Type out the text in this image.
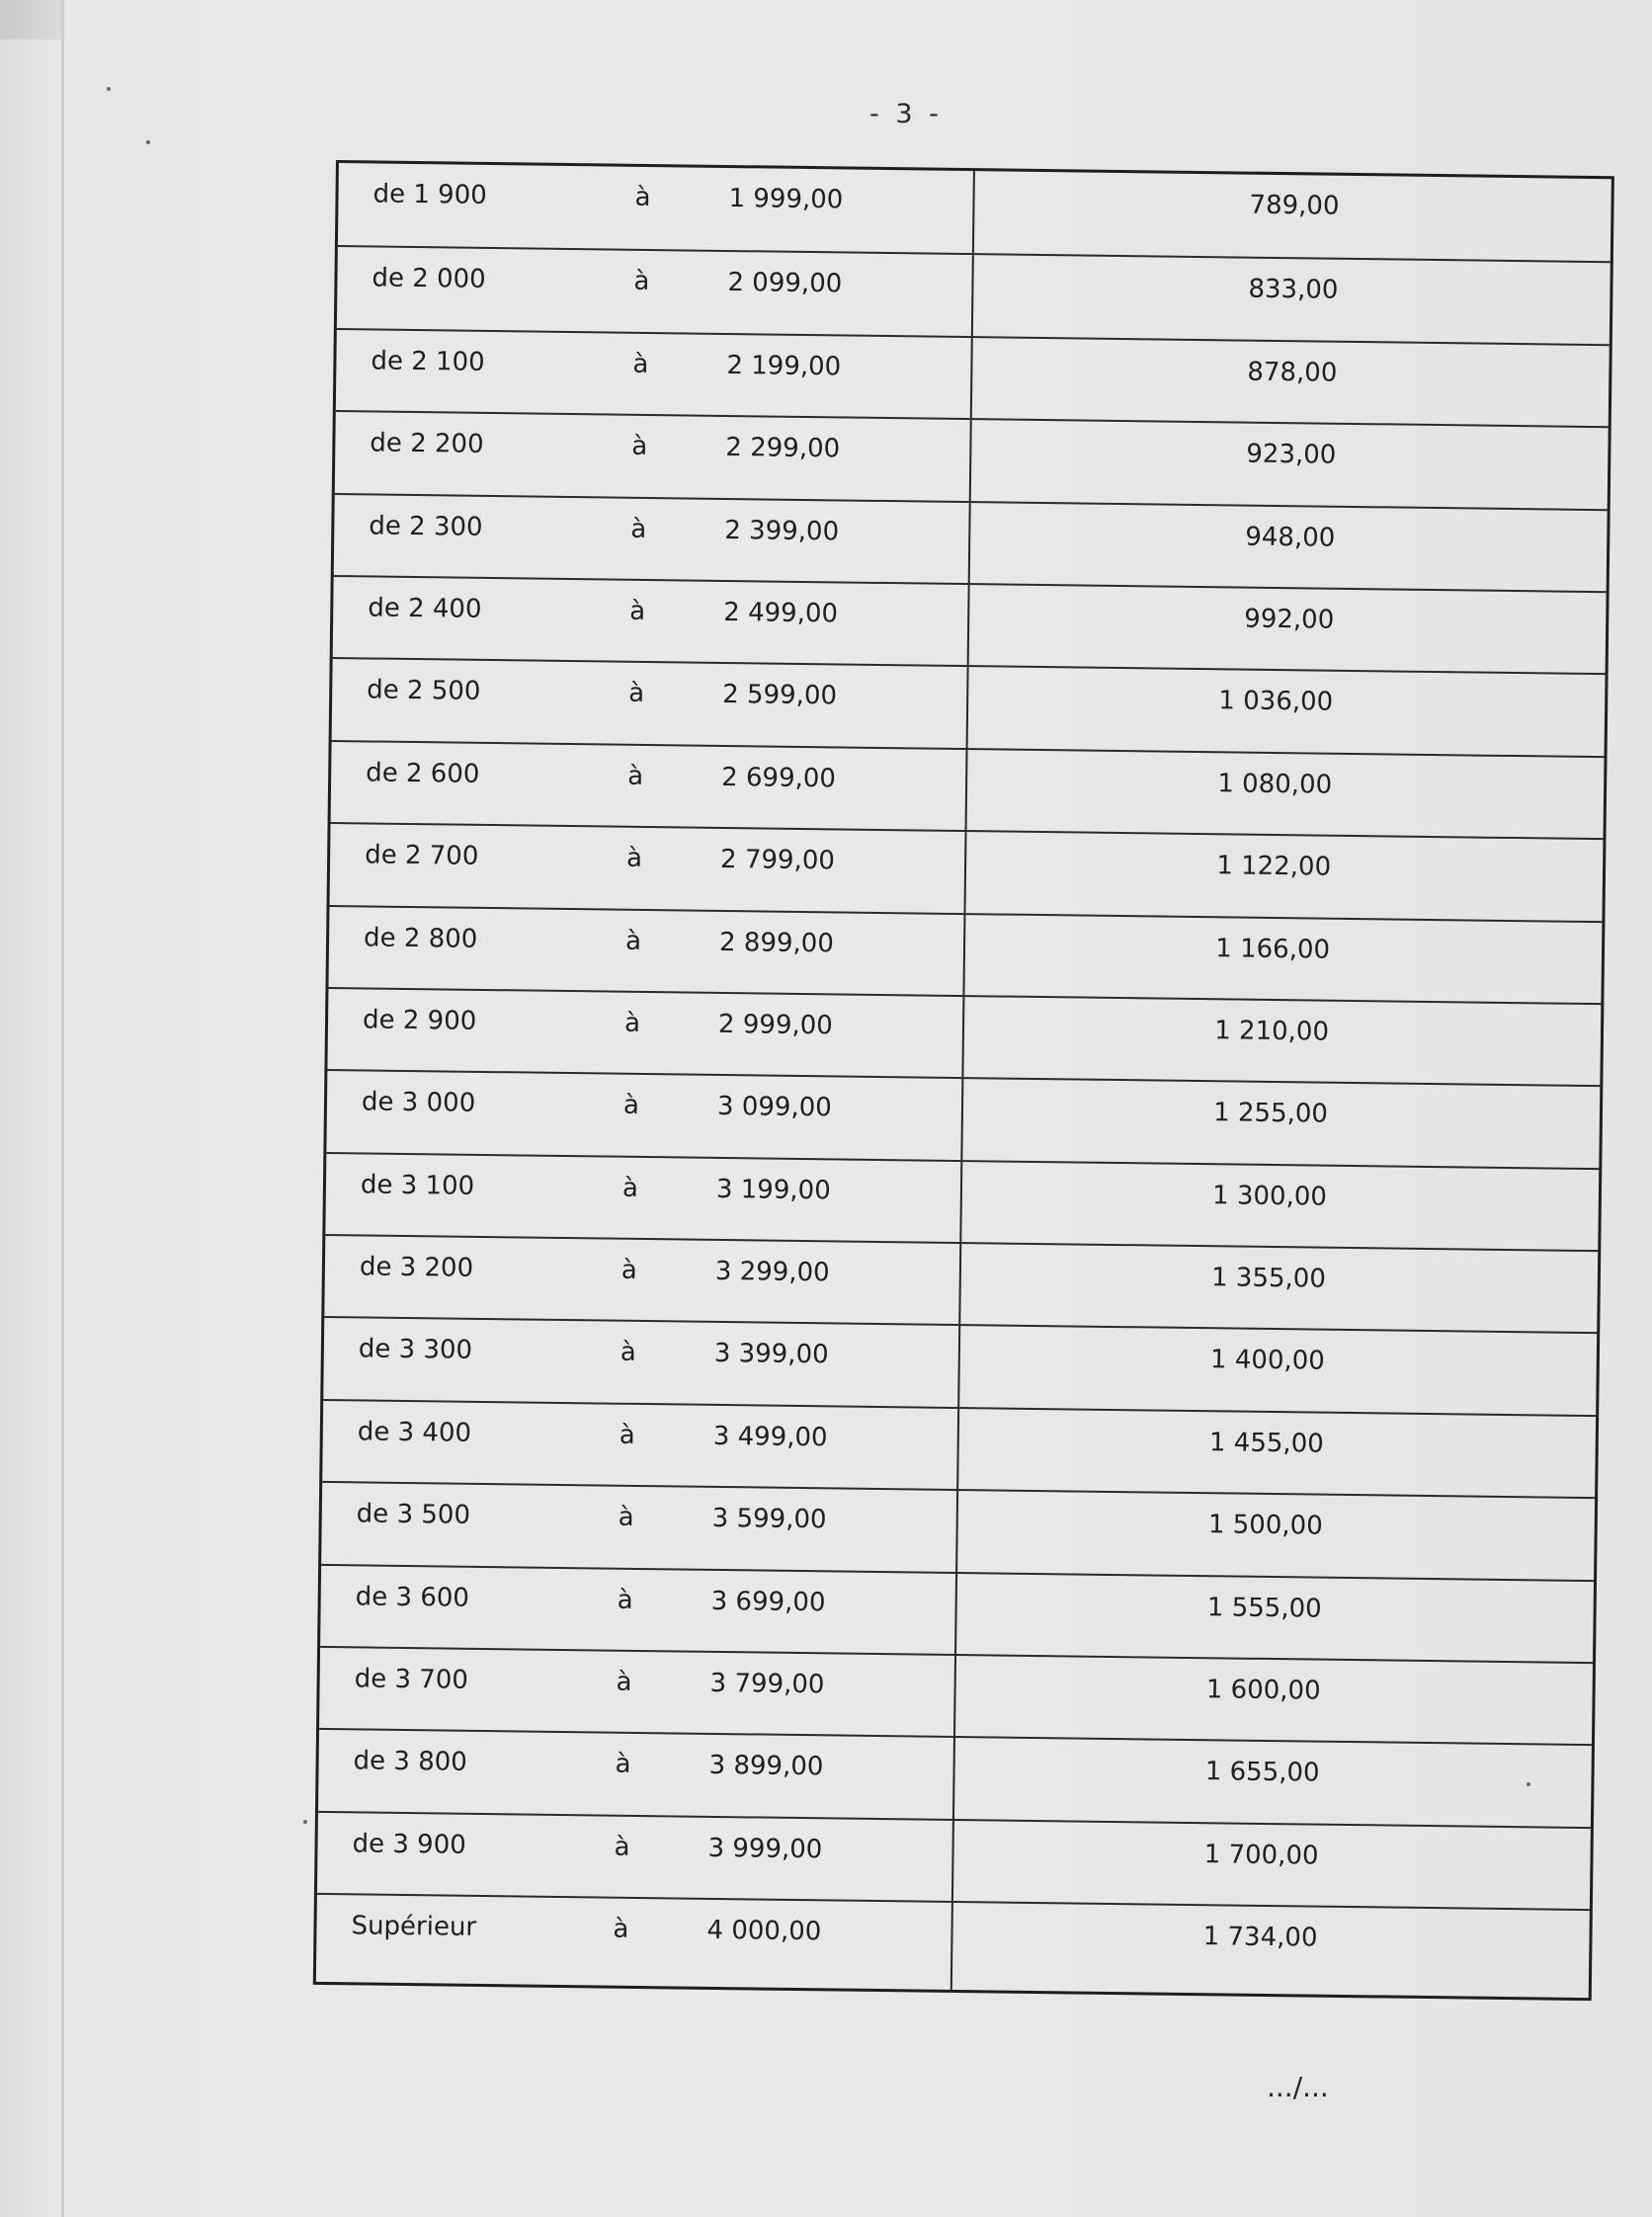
- 3 -
de 1 900	à	1 999,00	789,00
de 2 000	à	2 099,00	833,00
de 2 100	à	2 199,00	878,00
de 2 200	à	2 299,00	923,00
de 2 300	à	2 399,00	948,00
de 2 400	à	2 499,00	992,00
de 2 500	à	2 599,00	1 036,00
de 2 600	à	2 699,00	1 080,00
de 2 700	à	2 799,00	1 122,00
de 2 800	à	2 899,00	1 166,00
de 2 900	à	2 999,00	1 210,00
de 3 000	à	3 099,00	1 255,00
de 3 100	à	3 199,00	1 300,00
de 3 200	à	3 299,00	1 355,00
de 3 300	à	3 399,00	1 400,00
de 3 400	à	3 499,00	1 455,00
de 3 500	à	3 599,00	1 500,00
de 3 600	à	3 699,00	1 555,00
de 3 700	à	3 799,00	1 600,00
de 3 800	à	3 899,00	1 655,00
de 3 900	à	3 999,00	1 700,00
Supérieur	à	4 000,00	1 734,00
.../...
